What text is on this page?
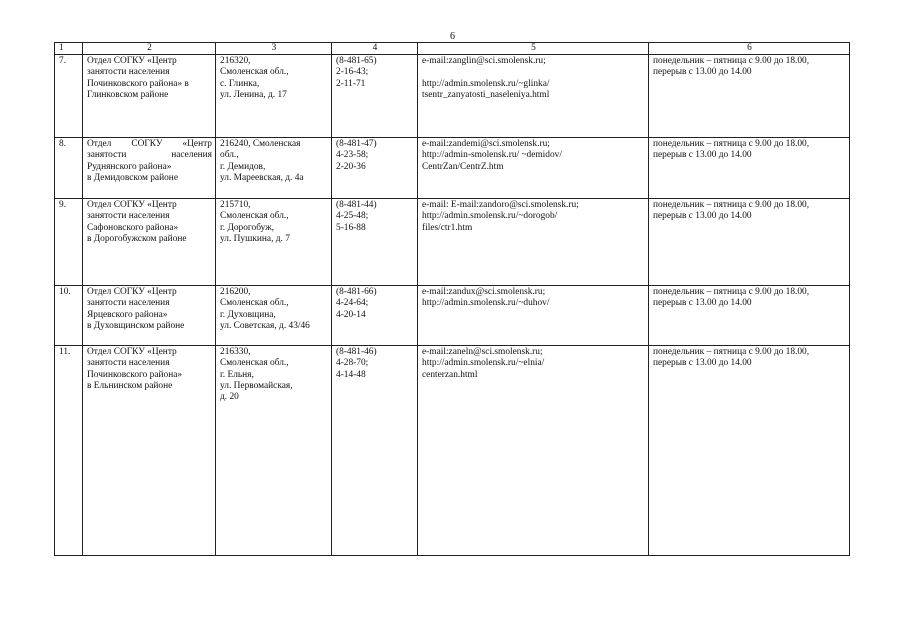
6
1	2	3	4	5	6
7.	Отдел СОГКУ «Центр
занятости населения
Починковского района» в
Глинковском районе	216320,
Смоленская обл.,
с. Глинка,
ул. Ленина, д. 17	(8-481-65)
2-16-43;
2-11-71	e-mail:zanglin@sci.smolensk.ru;
http://admin.smolensk.ru/~glinka/
tsentr_zanyatosti_naseleniya.html	понедельник – пятница с 9.00 до 18.00,
перерыв с 13.00 до 14.00

8.	Отдел СОГКУ «Центр
занятости населения
Руднянского района»
в Демидовском районе	216240, Смоленская
обл.,
г. Демидов,
ул. Мареевская, д. 4а	(8-481-47)
4-23-58;
2-20-36	e-mail:zandemi@sci.smolensk.ru;
http://admin-smolensk.ru/ ~demidov/
CentrZan/CentrZ.htm	понедельник – пятница с 9.00 до 18.00,
перерыв с 13.00 до 14.00

9.	Отдел СОГКУ «Центр
занятости населения
Сафоновского района»
в Дорогобужском районе	215710,
Смоленская обл.,
г. Дорогобуж,
ул. Пушкина, д. 7	(8-481-44)
4-25-48;
5-16-88	e-mail: E-mail:zandoro@sci.smolensk.ru;
http://admin.smolensk.ru/~dorogob/
files/ctr1.htm	понедельник – пятница с 9.00 до 18.00,
перерыв с 13.00 до 14.00

10.	Отдел СОГКУ «Центр
занятости населения
Ярцевского района»
в Духовщинском районе	216200,
Смоленская обл.,
г. Духовщина,
ул. Советская, д. 43/46	(8-481-66)
4-24-64;
4-20-14	e-mail:zandux@sci.smolensk.ru;
http://admin.smolensk.ru/~duhov/	понедельник – пятница с 9.00 до 18.00,
перерыв с 13.00 до 14.00

11.	Отдел СОГКУ «Центр
занятости населения
Починковского района»
в Ельнинском районе	216330,
Смоленская обл.,
г. Ельня,
ул. Первомайская,
д. 20	(8-481-46)
4-28-70;
4-14-48	e-mail:zaneln@sci.smolensk.ru;
http://admin.smolensk.ru/~elnia/
centerzan.html	понедельник – пятница с 9.00 до 18.00,
перерыв с 13.00 до 14.00
